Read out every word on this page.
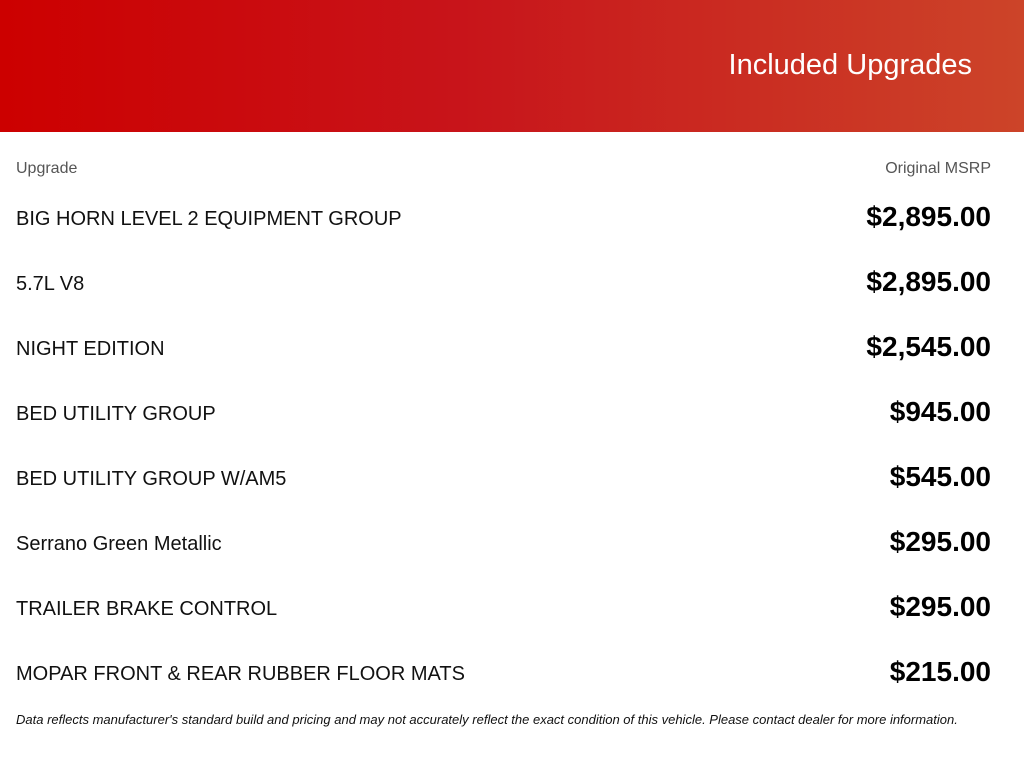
Included Upgrades
Upgrade	Original MSRP
BIG HORN LEVEL 2 EQUIPMENT GROUP	$2,895.00
5.7L V8	$2,895.00
NIGHT EDITION	$2,545.00
BED UTILITY GROUP	$945.00
BED UTILITY GROUP W/AM5	$545.00
Serrano Green Metallic	$295.00
TRAILER BRAKE CONTROL	$295.00
MOPAR FRONT & REAR RUBBER FLOOR MATS	$215.00
Data reflects manufacturer's standard build and pricing and may not accurately reflect the exact condition of this vehicle. Please contact dealer for more information.
